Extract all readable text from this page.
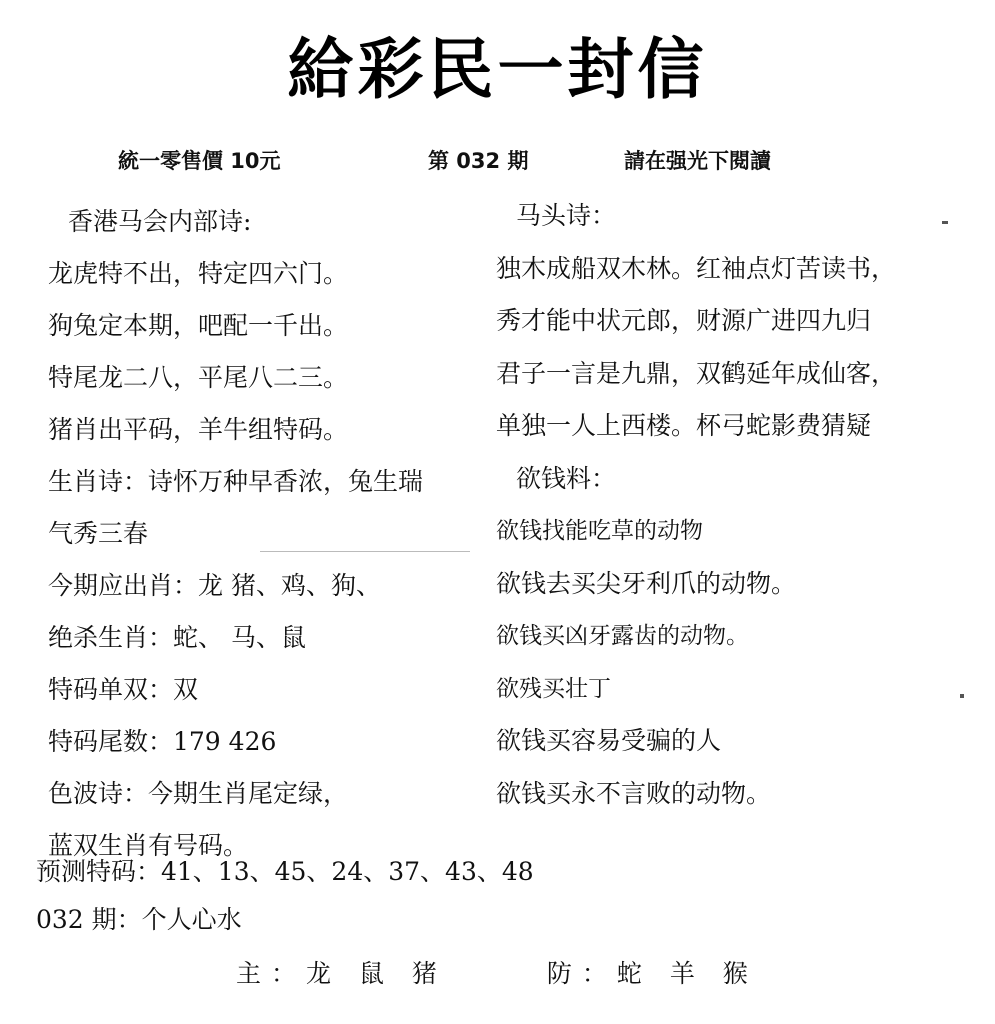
給彩民一封信
統一零售價 10元	第 032 期	請在强光下閱讀
香港马会内部诗:
龙虎特不出，特定四六门。
狗兔定本期，吧配一千出。
特尾龙二八，平尾八二三。
猪肖出平码，羊牛组特码。
生肖诗：诗怀万种早香浓，兔生瑞
气秀三春
今期应出肖：龙 猪、鸡、狗、
绝杀生肖：蛇、 马、鼠
特码单双：双
特码尾数：179 426
色波诗：今期生肖尾定绿，
蓝双生肖有号码。
马头诗：
独木成船双木林。红袖点灯苦读书，
秀才能中状元郎，财源广进四九归
君子一言是九鼎，双鹤延年成仙客，
单独一人上西楼。杯弓蛇影费猜疑
欲钱料：
欲钱找能吃草的动物
欲钱去买尖牙利爪的动物。
欲钱买凶牙露齿的动物。
欲残买壮丁
欲钱买容易受骗的人
欲钱买永不言败的动物。
预测特码：41、13、45、24、37、43、48
032 期：个人心水
主：龙 鼠 猪	防：蛇 羊 猴
